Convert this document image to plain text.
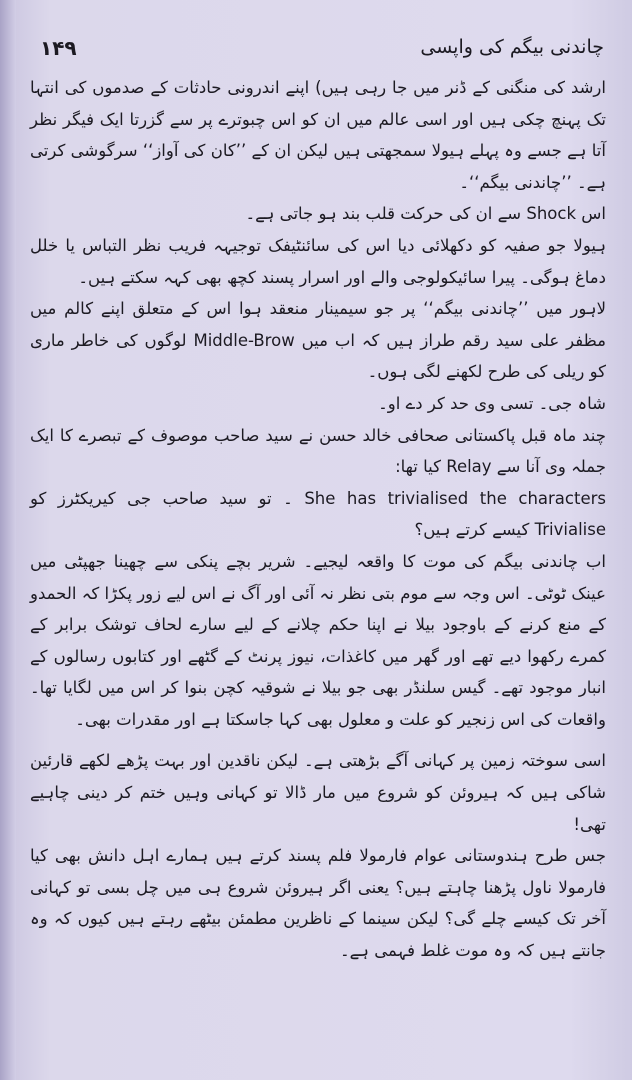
۱۴۹	چاندنی بیگم کی واپسی

ارشد کی منگنی کے ڈنر میں جا رہی ہیں) اپنے اندرونی حادثات کے صدموں کی انتہا تک پہنچ چکی ہیں اور اسی عالم میں ان کو اس چبوترے پر سے گزرتا ایک فیگر نظر آتا ہے جسے وہ پہلے ہیولا سمجھتی ہیں لیکن ان کے ’’کان کی آواز‘‘ سرگوشی کرتی ہے۔ ’’چاندنی بیگم‘‘۔

اس Shock سے ان کی حرکت قلب بند ہو جاتی ہے۔

ہیولا جو صفیہ کو دکھلائی دیا اس کی سائنٹیفک توجیہہ فریب نظر التباس یا خلل دماغ ہوگی۔ پیرا سائیکولوجی والے اور اسرار پسند کچھ بھی کہہ سکتے ہیں۔

لاہور میں ’’چاندنی بیگم‘‘ پر جو سیمینار منعقد ہوا اس کے متعلق اپنے کالم میں مظفر علی سید رقم طراز ہیں کہ اب میں Middle-Brow لوگوں کی خاطر ماری کو ریلی کی طرح لکھنے لگی ہوں۔

شاہ جی۔ تسی وی حد کر دے او۔

چند ماہ قبل پاکستانی صحافی خالد حسن نے سید صاحب موصوف کے تبصرے کا ایک جملہ وی آنا سے Relay کیا تھا:

She has trivialised the characters ۔ تو سید صاحب جی کیریکٹرز کو Trivialise کیسے کرتے ہیں؟

اب چاندنی بیگم کی موت کا واقعہ لیجیے۔ شریر بچے پنکی سے چھینا جھپٹی میں عینک ٹوٹی۔ اس وجہ سے موم بتی نظر نہ آئی اور آگ نے اس لیے زور پکڑا کہ الحمدو کے منع کرنے کے باوجود بیلا نے اپنا حکم چلانے کے لیے سارے لحاف توشک برابر کے کمرے رکھوا دیے تھے اور گھر میں کاغذات، نیوز پرنٹ کے گٹھے اور کتابوں رسالوں کے انبار موجود تھے۔ گیس سلنڈر بھی جو بیلا نے شوقیہ کچن بنوا کر اس میں لگایا تھا۔ واقعات کی اس زنجیر کو علت و معلول بھی کہا جاسکتا ہے اور مقدرات بھی۔

اسی سوختہ زمین پر کہانی آگے بڑھتی ہے۔ لیکن ناقدین اور بہت پڑھے لکھے قارئین شاکی ہیں کہ ہیروئن کو شروع میں مار ڈالا تو کہانی وہیں ختم کر دینی چاہیے تھی!

جس طرح ہندوستانی عوام فارمولا فلم پسند کرتے ہیں ہمارے اہل دانش بھی کیا فارمولا ناول پڑھنا چاہتے ہیں؟ یعنی اگر ہیروئن شروع ہی میں چل بسی تو کہانی آخر تک کیسے چلے گی؟ لیکن سینما کے ناظرین مطمئن بیٹھے رہتے ہیں کیوں کہ وہ جانتے ہیں کہ وہ موت غلط فہمی ہے۔
